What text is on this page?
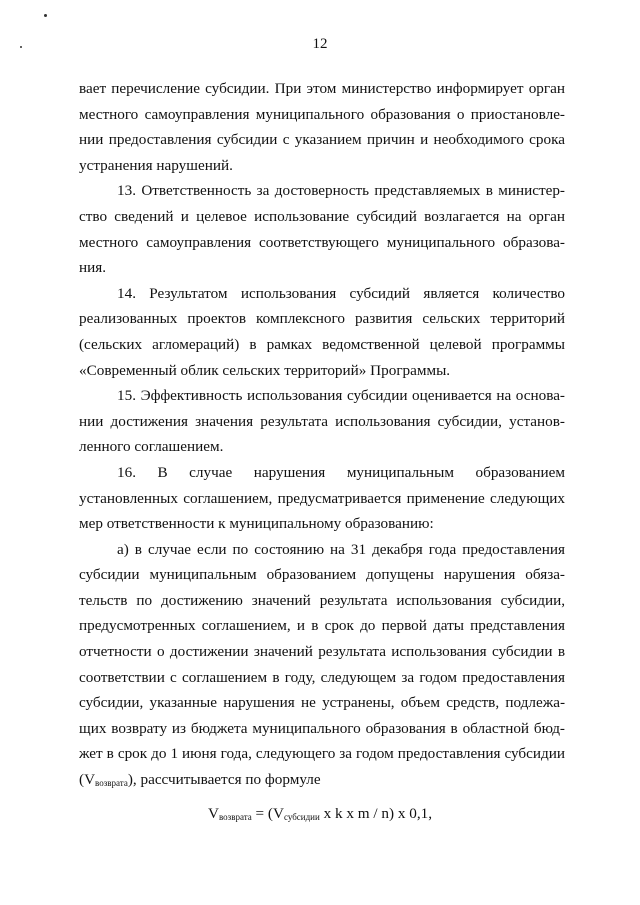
12
вает перечисление субсидии. При этом министерство информирует орган
местного самоуправления муниципального образования о приостановле-
нии предоставления субсидии с указанием причин и необходимого срока
устранения нарушений.
13. Ответственность за достоверность представляемых в министер-
ство сведений и целевое использование субсидий возлагается на орган
местного самоуправления соответствующего муниципального образова-
ния.
14. Результатом использования субсидий является количество
реализованных проектов комплексного развития сельских территорий
(сельских агломераций) в рамках ведомственной целевой программы
«Современный облик сельских территорий» Программы.
15. Эффективность использования субсидии оценивается на основа-
нии достижения значения результата использования субсидии, установ-
ленного соглашением.
16. В случае нарушения муниципальным образованием
установленных соглашением, предусматривается применение следующих
мер ответственности к муниципальному образованию:
а) в случае если по состоянию на 31 декабря года предоставления
субсидии муниципальным образованием допущены нарушения обяза-
тельств по достижению значений результата использования субсидии,
предусмотренных соглашением, и в срок до первой даты представления
отчетности о достижении значений результата использования субсидии в
соответствии с соглашением в году, следующем за годом предоставления
субсидии, указанные нарушения не устранены, объем средств, подлежа-
щих возврату из бюджета муниципального образования в областной бюд-
жет в срок до 1 июня года, следующего за годом предоставления субсидии
$(V_{возврата})$, рассчитывается по формуле
$V_{возврата} = (V_{субсидии}$ x k x m / n) x 0,1,
